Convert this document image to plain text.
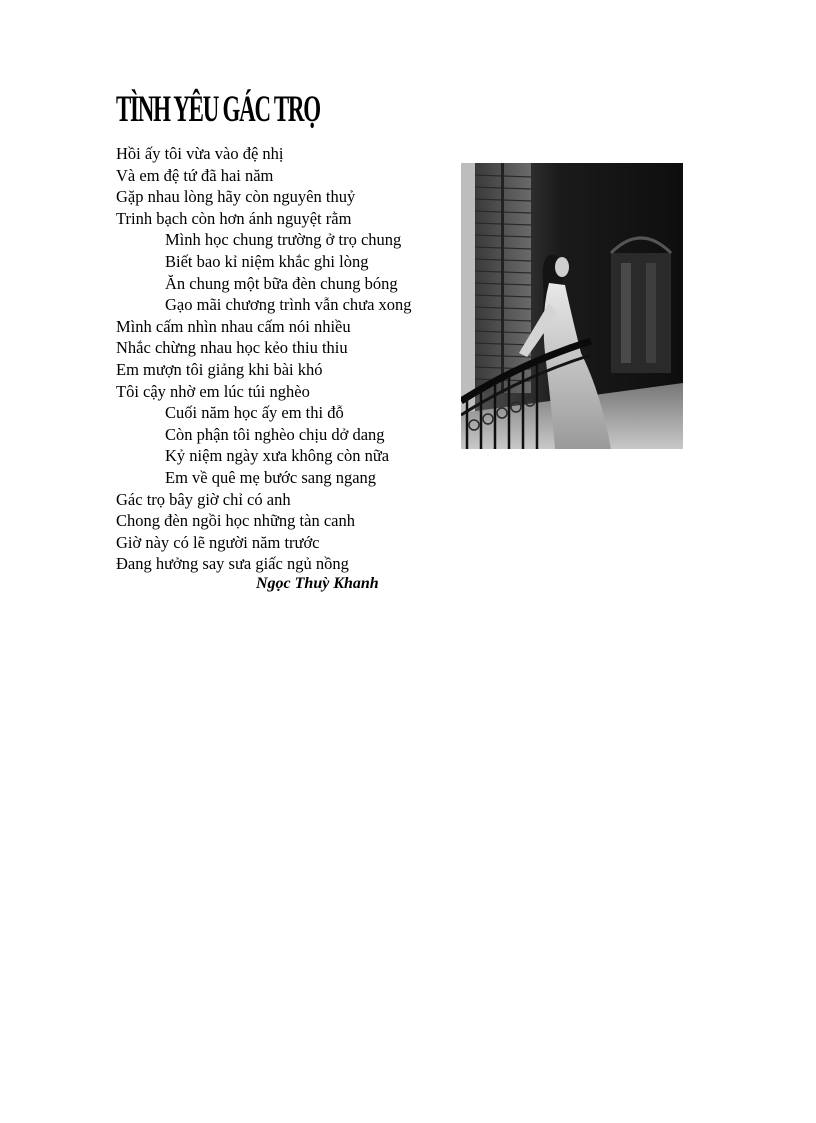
TÌNH YÊU GÁC TRỌ
Hồi ấy tôi vừa vào đệ nhị
Và em đệ tứ đã hai năm
Gặp nhau lòng hãy còn nguyên thuỷ
Trinh bạch còn hơn ánh nguyệt rằm
Mình học chung trường ở trọ chung
Biết bao kỉ niệm khắc ghi lòng
Ăn chung một bữa đèn chung bóng
Gạo mãi chương trình vẫn chưa xong
Mình cấm nhìn nhau cấm nói nhiều
Nhắc chừng nhau học kẻo thiu thiu
Em mượn tôi giảng khi bài khó
Tôi cậy nhờ em lúc túi nghèo
Cuối năm học ấy em thi đỗ
Còn phận tôi nghèo chịu dở dang
Kỷ niệm ngày xưa không còn nữa
Em về quê mẹ bước sang ngang
Gác trọ bây giờ chỉ có anh
Chong đèn ngồi học những tàn canh
Giờ này có lẽ người năm trước
Đang hưởng say sưa giấc ngủ nồng
Ngọc Thuỳ Khanh
